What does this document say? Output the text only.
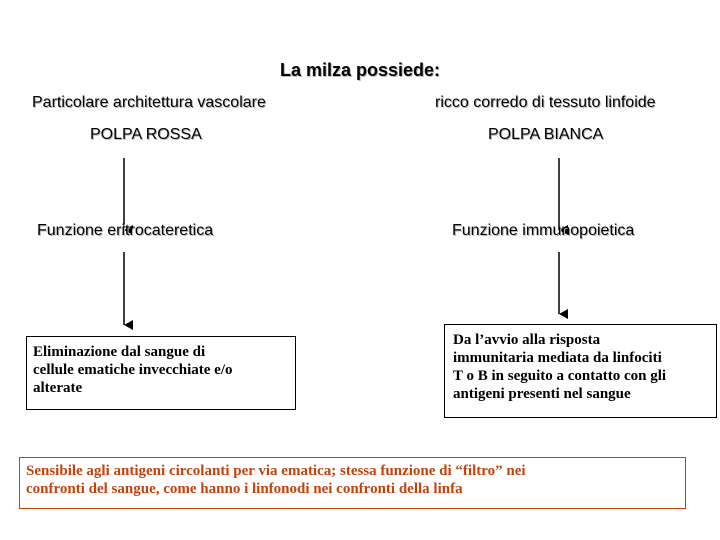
La milza possiede:
Particolare architettura vascolare	ricco corredo di tessuto linfoide
POLPA ROSSA	POLPA BIANCA
Funzione eritrocateretica	Funzione immunopoietica
Eliminazione dal sangue di
cellule ematiche invecchiate e/o
alterate
Da l’avvio alla risposta
immunitaria mediata da linfociti
T o B in seguito a contatto con gli
antigeni presenti nel sangue
Sensibile agli antigeni circolanti per via ematica; stessa funzione di “filtro” nei
confronti del sangue, come hanno i linfonodi nei confronti della linfa
